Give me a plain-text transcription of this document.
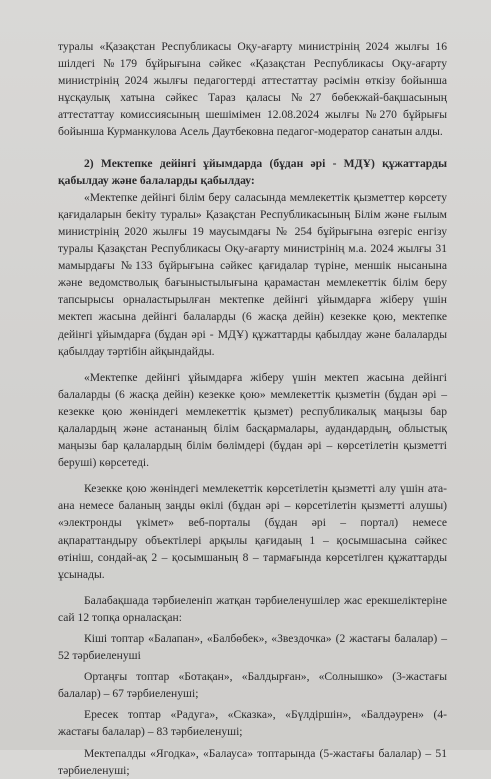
туралы «Қазақстан Республикасы Оқу-ағарту министрінің 2024 жылғы 16 шілдегі №179 бұйрығына сәйкес «Қазақстан Республикасы Оқу-ағарту министрінің 2024 жылғы педагогтерді аттестаттау рәсімін өткізу бойынша нұсқаулық хатына сәйкес Тараз қаласы №27 бөбекжай-бақшасының аттестаттау комиссиясының шешімімен 12.08.2024 жылғы №270 бұйрығы бойынша Курманкулова Асель Даутбековна педагог-модератор санатын алды.

2) Мектепке дейінгі ұйымдарда (бұдан әрі - МДҰ) құжаттарды қабылдау және балаларды қабылдау:

«Мектепке дейінгі білім беру саласында мемлекеттік қызметтер көрсету қағидаларын бекіту туралы» Қазақстан Республикасының Білім және ғылым министрінің 2020 жылғы 19 маусымдағы № 254 бұйрығына өзгеріс енгізу туралы Қазақстан Республикасы Оқу-ағарту министрінің м.а. 2024 жылғы 31 мамырдағы №133 бұйрығына сәйкес қағидалар түріне, меншік нысанына және ведомстволық бағыныстылығына қарамастан мемлекеттік білім беру тапсырысы орналастырылған мектепке дейінгі ұйымдарға жіберу үшін мектеп жасына дейінгі балаларды (6 жасқа дейін) кезекке қою, мектепке дейінгі ұйымдарға (бұдан әрі - МДҰ) құжаттарды қабылдау және балаларды қабылдау тәртібін айқындайды.

«Мектепке дейінгі ұйымдарға жіберу үшін мектеп жасына дейінгі балаларды (6 жасқа дейін) кезекке қою» мемлекеттік қызметін (бұдан әрі – кезекке қою жөніндегі мемлекеттік қызмет) республикалық маңызы бар қалалардың және астананың білім басқармалары, аудандардың, облыстық маңызы бар қалалардың білім бөлімдері (бұдан әрі – көрсетілетін қызметті беруші) көрсетеді.

Кезекке қою жөніндегі мемлекеттік көрсетілетін қызметті алу үшін ата-ана немесе баланың заңды өкілі (бұдан әрі – көрсетілетін қызметті алушы) «электронды үкімет» веб-порталы (бұдан әрі – портал) немесе ақпараттандыру объектілері арқылы қағидаың 1 – қосымшасына сәйкес өтініш, сондай-ақ 2 – қосымшаның 8 – тармағында көрсетілген құжаттарды ұсынады.

Балабақшада тәрбиеленіп жатқан тәрбиеленушілер жас ерекшеліктеріне сай 12 топқа орналасқан:

Кіші топтар «Балапан», «Балбөбек», «Звездочка» (2 жастағы балалар) –52 тәрбиеленуші

Ортаңғы топтар «Ботақан», «Балдырған», «Солнышко» (3-жастағы балалар) – 67 тәрбиеленуші;

Ересек топтар «Радуга», «Сказка», «Бүлдіршін», «Балдәурен» (4-жастағы балалар) – 83 тәрбиеленуші;

Мектепалды «Ягодка», «Балауса» топтарында (5-жастағы балалар) – 51 тәрбиеленуші;
